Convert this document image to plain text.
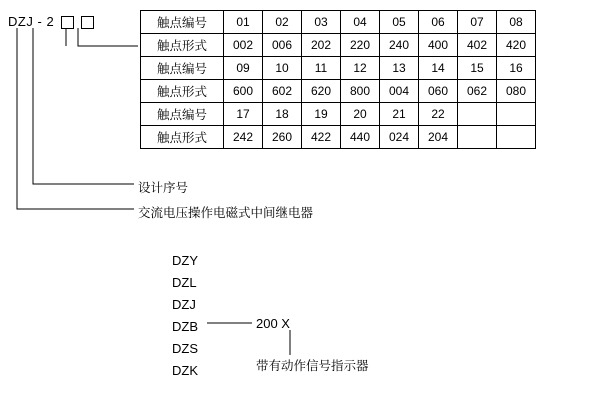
DZJ - 2	触点编号	01	02	03	04	05	06	07	08
触点形式	002	006	202	220	240	400	402	420
触点编号	09	10	11	12	13	14	15	16
触点形式	600	602	620	800	004	060	062	080
触点编号	17	18	19	20	21	22		
触点形式	242	260	422	440	024	204		
设计序号
交流电压操作电磁式中间继电器
DZY
DZL
DZJ
DZB
DZS
DZK
200 X
带有动作信号指示器
